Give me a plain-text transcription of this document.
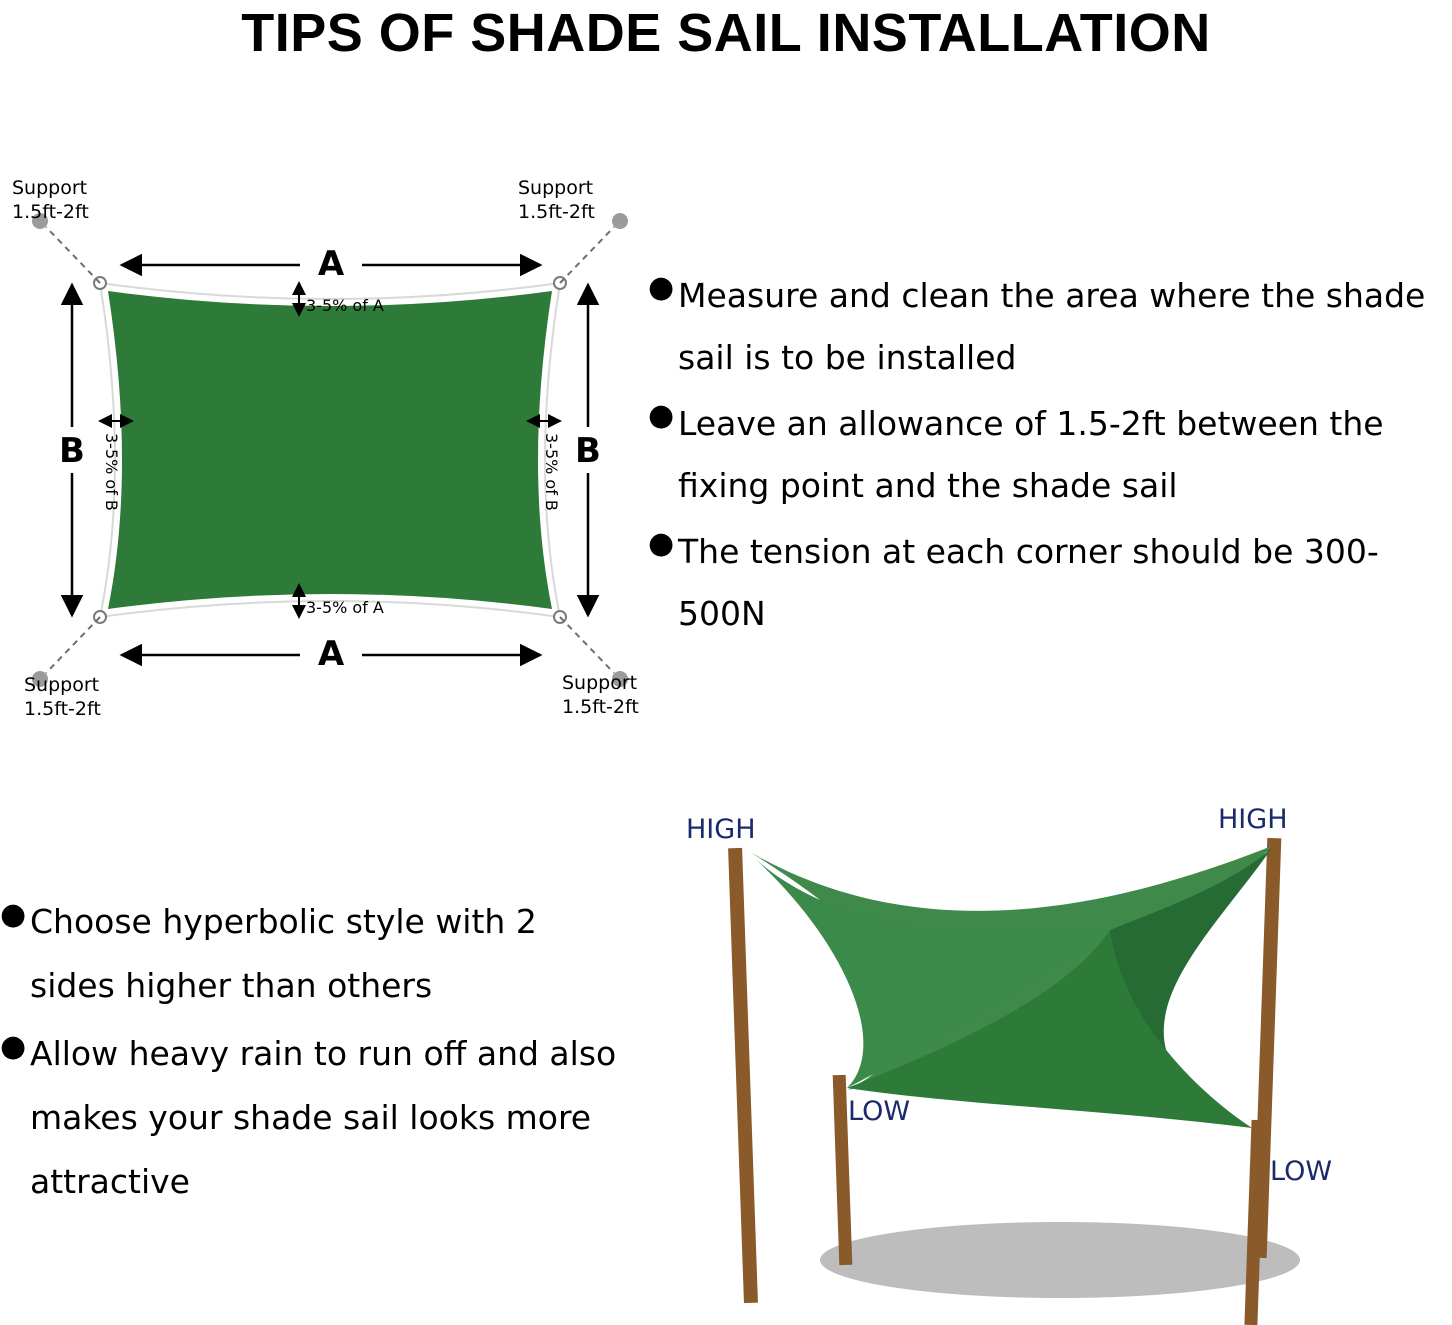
TIPS OF SHADE SAIL INSTALLATION
Support
1.5ft-2ft
Support
1.5ft-2ft
Support
1.5ft-2ft
Support
1.5ft-2ft
A
A
B	B
3-5% of A
3-5% of A
3-5% of B	3-5% of B
● Measure and clean the area where the shade sail is to be installed
● Leave an allowance of 1.5-2ft between the fixing point and the shade sail
● The tension at each corner should be 300-500N
● Choose hyperbolic style with 2 sides higher than others
● Allow heavy rain to run off and also makes your shade sail looks more attractive
HIGH	HIGH
LOW
LOW
